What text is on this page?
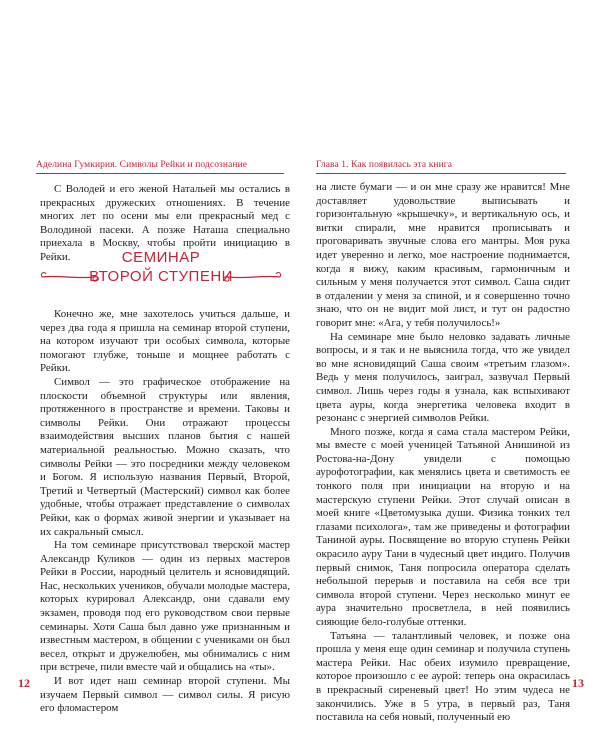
Аделина Гумкирия. Символы Рейки и подсознание

С Володей и его женой Натальей мы остались в прекрасных дружеских отношениях. В течение многих лет по осени мы ели прекрасный мед с Володиной пасеки. А позже Наташа специально приехала в Москву, чтобы пройти инициацию в Рейки.	СЕМИНАР
ВТОРОЙ СТУПЕНИ

Конечно же, мне захотелось учиться дальше, и через два года я пришла на семинар второй ступени, на котором изучают три особых символа, которые помогают глубже, тоньше и мощнее работать с Рейки.

Символ — это графическое отображение на плоскости объемной структуры или явления, протяженного в пространстве и времени. Таковы и символы Рейки. Они отражают процессы взаимодействия высших планов бытия с нашей материальной реальностью. Можно сказать, что символы Рейки — это посредники между человеком и Богом. Я использую названия Первый, Второй, Третий и Четвертый (Мастерский) символ как более удобные, чтобы отражает представление о символах Рейки, как о формах живой энергии и указывает на их сакральный смысл.

На том семинаре присутствовал тверской мастер Александр Куликов — один из первых мастеров Рейки в России, народный целитель и ясновидящий. Нас, нескольких учеников, обучали молодые мастера, которых курировал Александр, они сдавали ему экзамен, проводя под его руководством свои первые семинары. Хотя Саша был давно уже признанным и известным мастером, в общении с учениками он был весел, открыт и дружелюбен, мы обнимались с ним при встрече, пили вместе чай и общались на «ты».

И вот идет наш семинар второй ступени. Мы изучаем Первый символ — символ силы. Я рисую его фломастером

12
Глава 1. Как появилась эта книга

на листе бумаги — и он мне сразу же нравится! Мне доставляет удовольствие выписывать и горизонтальную «крышечку», и вертикальную ось, и витки спирали, мне нравится прописывать и проговаривать звучные слова его мантры. Моя рука идет уверенно и легко, мое настроение поднимается, когда я вижу, каким красивым, гармоничным и сильным у меня получается этот символ. Саша сидит в отдалении у меня за спиной, и я совершенно точно знаю, что он не видит мой лист, и тут он радостно говорит мне: «Ага, у тебя получилось!»

На семинаре мне было неловко задавать личные вопросы, и я так и не выяснила тогда, что же увидел во мне ясновидящий Саша своим «третьим глазом». Ведь у меня получилось, заиграл, зазвучал Первый символ. Лишь через годы я узнала, как вспыхивают цвета ауры, когда энергетика человека входит в резонанс с энергией символов Рейки.

Много позже, когда я сама стала мастером Рейки, мы вместе с моей ученицей Татьяной Анишиной из Ростова-на-Дону увидели с помощью аурофотографии, как менялись цвета и светимость ее тонкого поля при инициации на вторую и на мастерскую ступени Рейки. Этот случай описан в моей книге «Цветомузыка души. Физика тонких тел глазами психолога», там же приведены и фотографии Таниной ауры. Посвящение во вторую ступень Рейки окрасило ауру Тани в чудесный цвет индиго. Получив первый снимок, Таня попросила оператора сделать небольшой перерыв и поставила на себя все три символа второй ступени. Через несколько минут ее аура значительно просветлела, в ней появились сияющие бело-голубые оттенки.

Татьяна — талантливый человек, и позже она прошла у меня еще один семинар и получила ступень мастера Рейки. Нас обеих изумило превращение, которое произошло с ее аурой: теперь она окрасилась в прекрасный сиреневый цвет! Но этим чудеса не закончились. Уже в 5 утра, в первый раз, Таня поставила на себя новый, полученный ею

13
